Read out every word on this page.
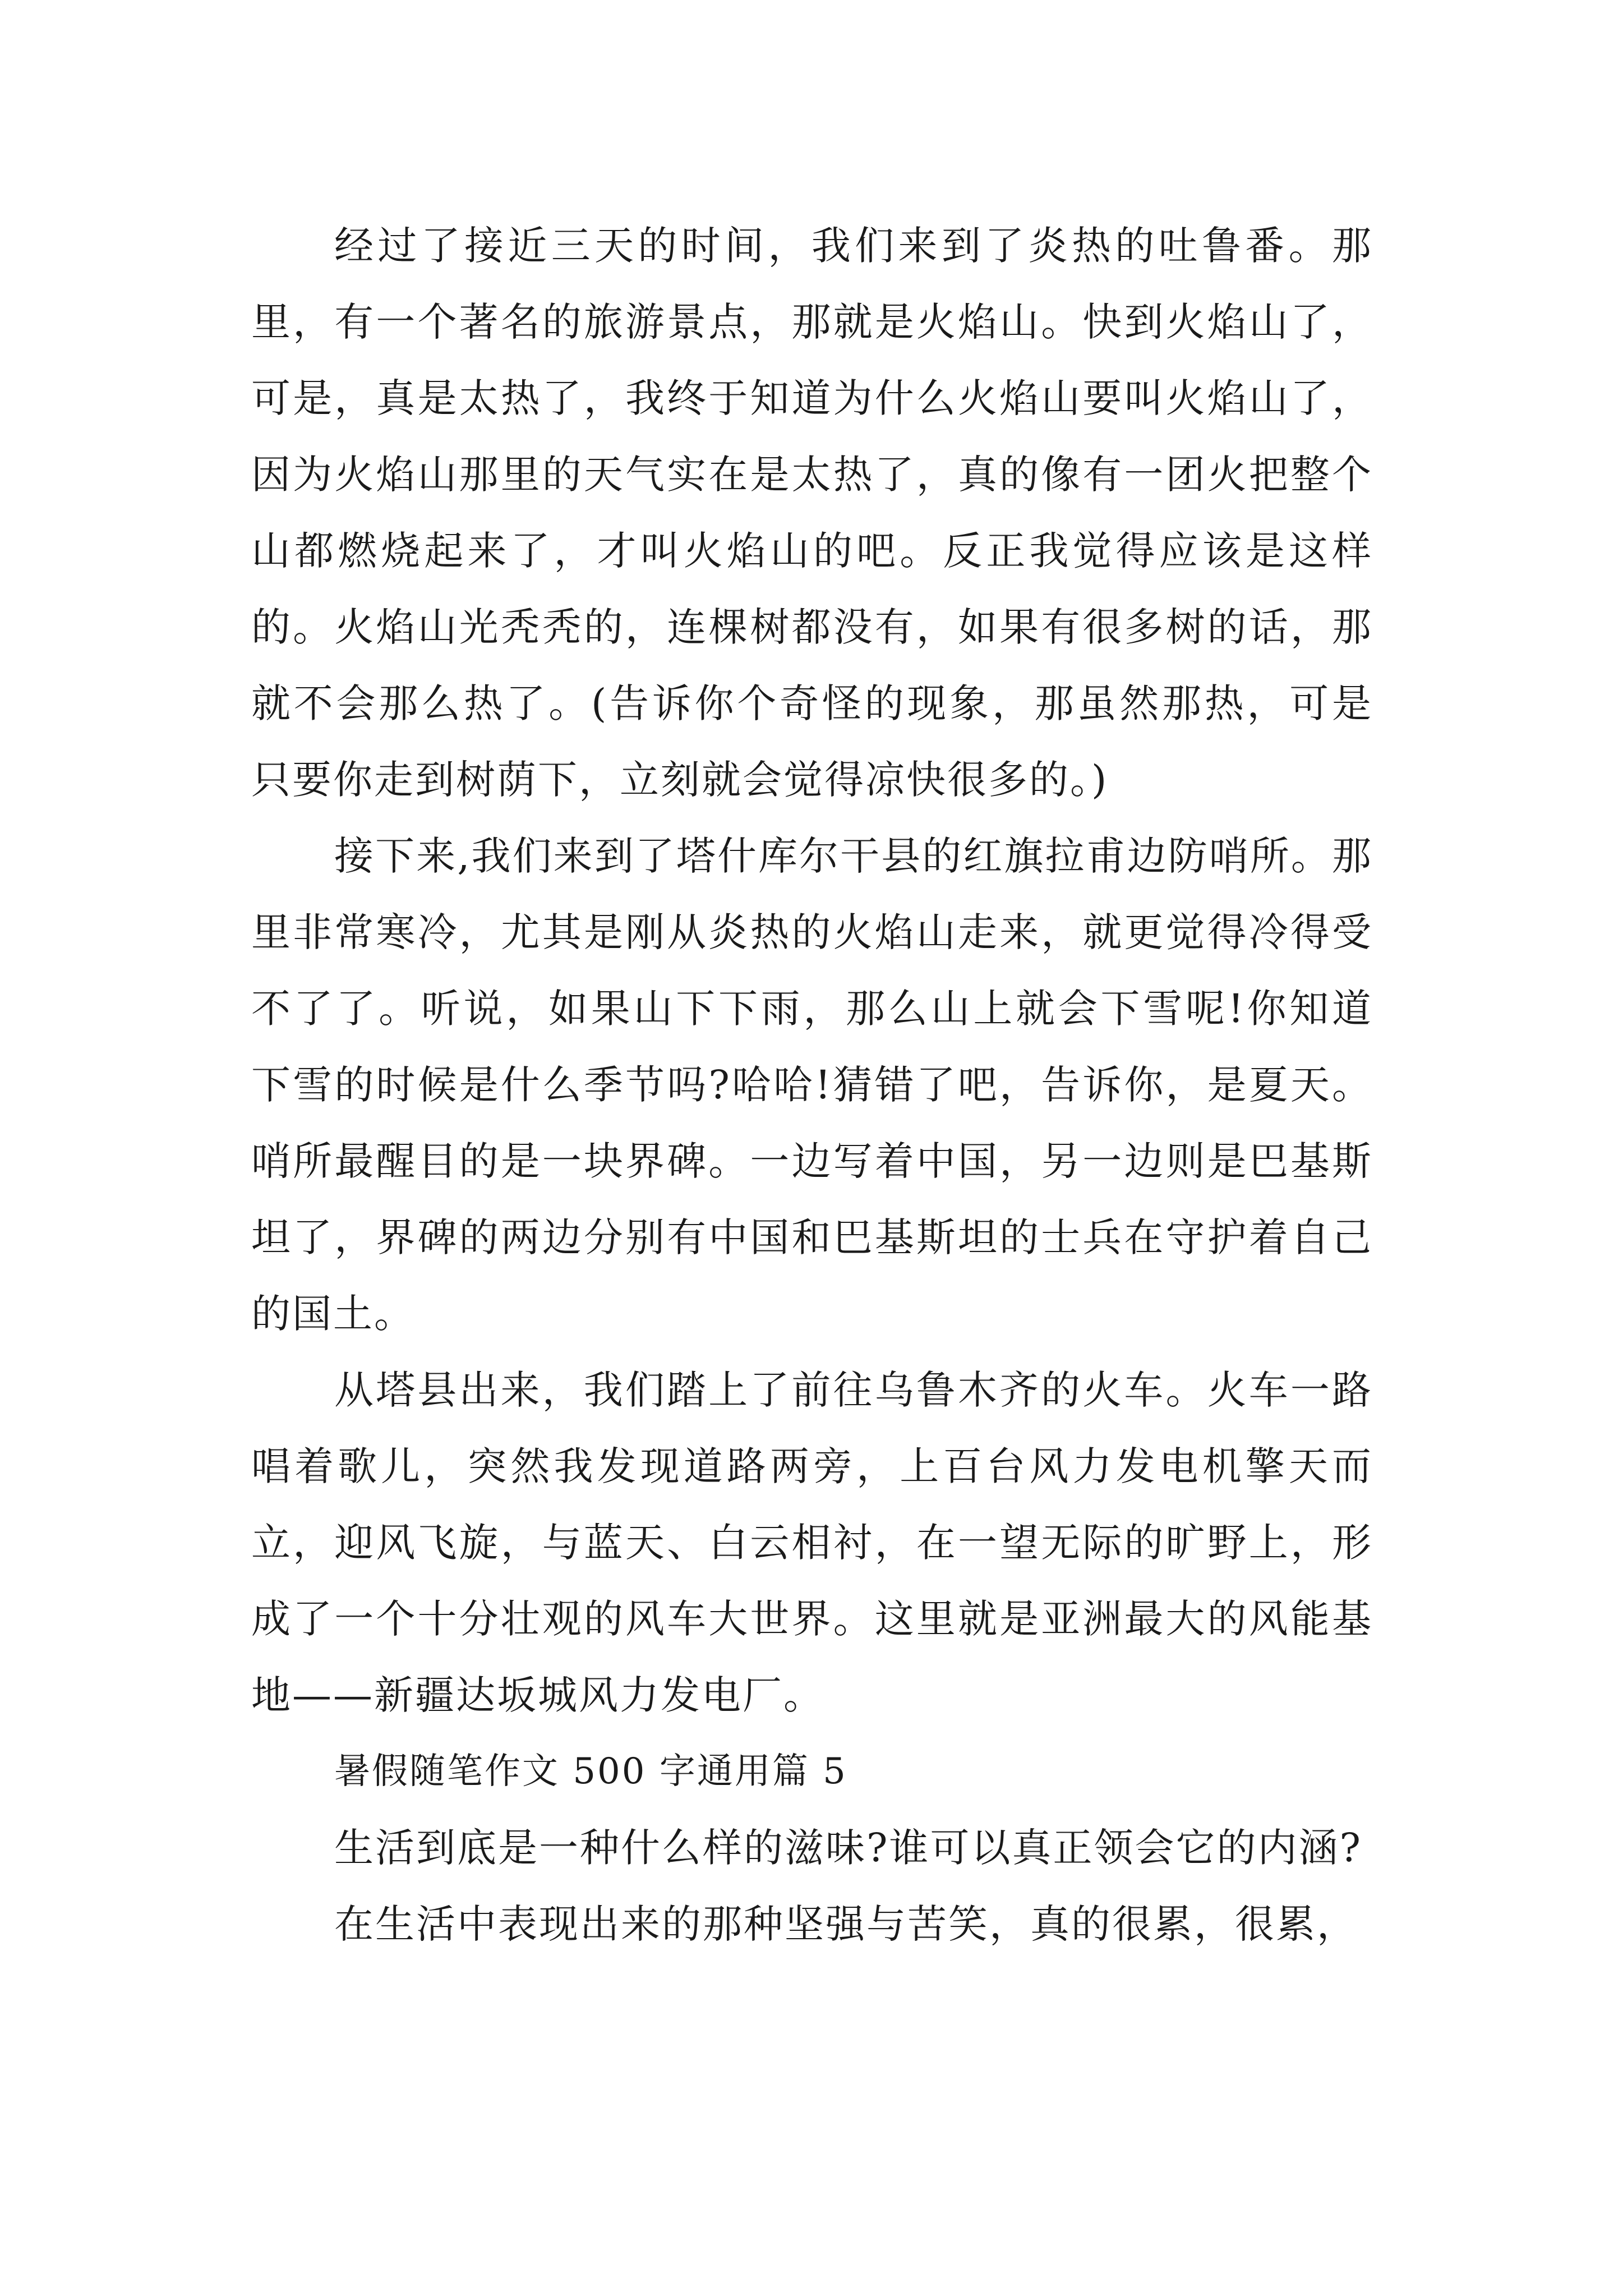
经过了接近三天的时间，我们来到了炎热的吐鲁番。那里，有一个著名的旅游景点，那就是火焰山。快到火焰山了，可是，真是太热了，我终于知道为什么火焰山要叫火焰山了，因为火焰山那里的天气实在是太热了，真的像有一团火把整个山都燃烧起来了，才叫火焰山的吧。反正我觉得应该是这样的。火焰山光秃秃的，连棵树都没有，如果有很多树的话，那就不会那么热了。(告诉你个奇怪的现象，那虽然那热，可是只要你走到树荫下，立刻就会觉得凉快很多的。)

接下来,我们来到了塔什库尔干县的红旗拉甫边防哨所。那里非常寒冷，尤其是刚从炎热的火焰山走来，就更觉得冷得受不了了。听说，如果山下下雨，那么山上就会下雪呢!你知道下雪的时候是什么季节吗?哈哈!猜错了吧，告诉你，是夏天。哨所最醒目的是一块界碑。一边写着中国，另一边则是巴基斯坦了，界碑的两边分别有中国和巴基斯坦的士兵在守护着自己的国土。

从塔县出来，我们踏上了前往乌鲁木齐的火车。火车一路唱着歌儿，突然我发现道路两旁，上百台风力发电机擎天而立，迎风飞旋，与蓝天、白云相衬，在一望无际的旷野上，形成了一个十分壮观的风车大世界。这里就是亚洲最大的风能基地——新疆达坂城风力发电厂。

暑假随笔作文 500 字通用篇 5

生活到底是一种什么样的滋味?谁可以真正领会它的内涵?

在生活中表现出来的那种坚强与苦笑，真的很累，很累，
